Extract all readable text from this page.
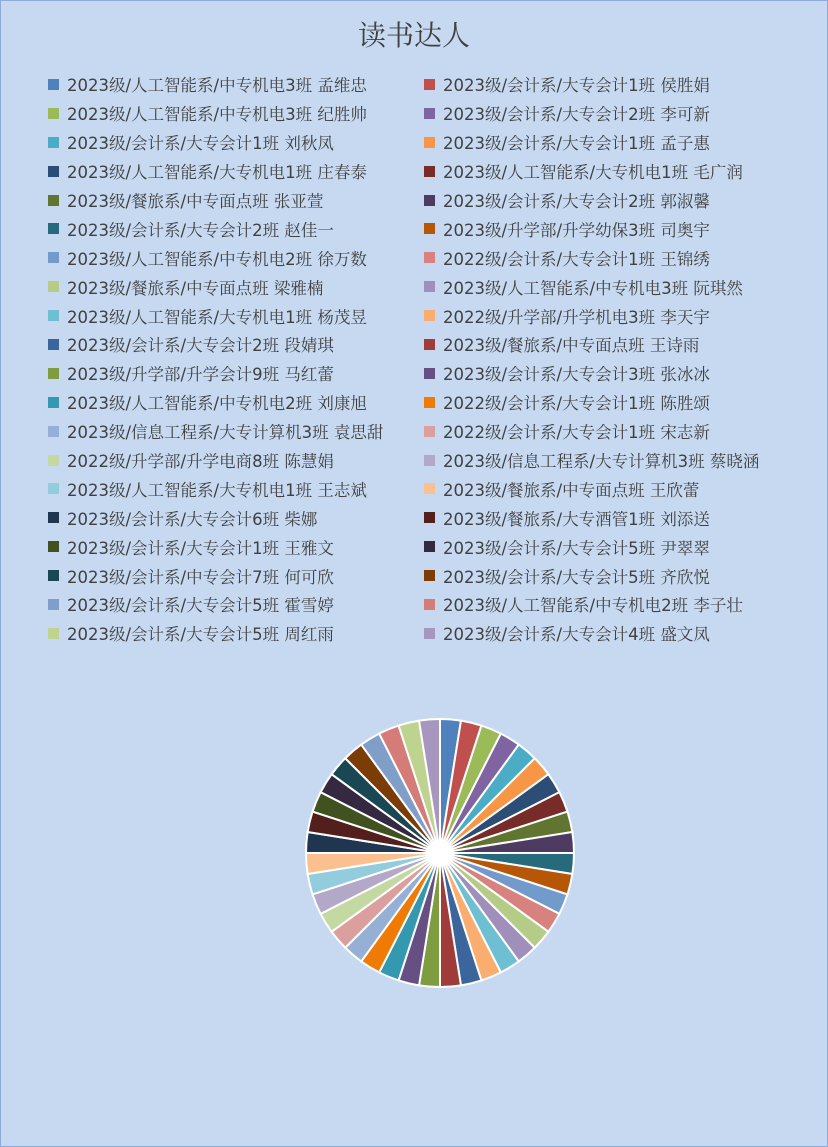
读书达人
2023级/人工智能系/中专机电3班 孟维忠	2023级/会计系/大专会计1班 侯胜娟
2023级/人工智能系/中专机电3班 纪胜帅	2023级/会计系/大专会计2班 李可新
2023级/会计系/大专会计1班 刘秋凤	2023级/会计系/大专会计1班 孟子惠
2023级/人工智能系/大专机电1班 庄春泰	2023级/人工智能系/大专机电1班 毛广润
2023级/餐旅系/中专面点班 张亚萱	2023级/会计系/大专会计2班 郭淑馨
2023级/会计系/大专会计2班 赵佳一	2023级/升学部/升学幼保3班 司奥宇
2023级/人工智能系/中专机电2班 徐万数	2022级/会计系/大专会计1班 王锦绣
2023级/餐旅系/中专面点班 梁雅楠	2023级/人工智能系/中专机电3班 阮琪然
2023级/人工智能系/大专机电1班 杨茂昱	2022级/升学部/升学机电3班 李天宇
2023级/会计系/大专会计2班 段婧琪	2023级/餐旅系/中专面点班 王诗雨
2023级/升学部/升学会计9班 马红蕾	2023级/会计系/大专会计3班 张冰冰
2023级/人工智能系/中专机电2班 刘康旭	2022级/会计系/大专会计1班 陈胜颂
2023级/信息工程系/大专计算机3班 袁思甜	2022级/会计系/大专会计1班 宋志新
2022级/升学部/升学电商8班 陈慧娟	2023级/信息工程系/大专计算机3班 蔡晓涵
2023级/人工智能系/大专机电1班 王志斌	2023级/餐旅系/中专面点班 王欣蕾
2023级/会计系/大专会计6班 柴娜	2023级/餐旅系/大专酒管1班 刘添送
2023级/会计系/大专会计1班 王雅文	2023级/会计系/大专会计5班 尹翠翠
2023级/会计系/中专会计7班 何可欣	2023级/会计系/大专会计5班 齐欣悦
2023级/会计系/大专会计5班 霍雪婷	2023级/人工智能系/中专机电2班 李子壮
2023级/会计系/大专会计5班 周红雨	2023级/会计系/大专会计4班 盛文凤
